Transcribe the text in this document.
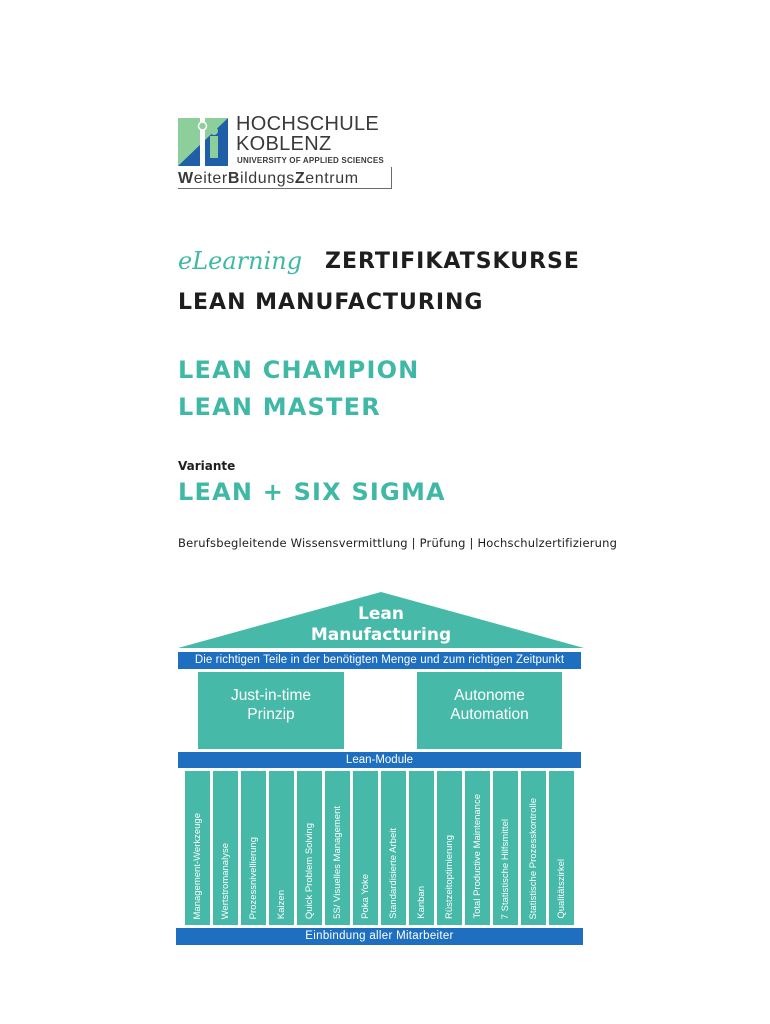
HOCHSCHULE
KOBLENZ
UNIVERSITY OF APPLIED SCIENCES
WeiterBildungsZentrum
eLearning ZERTIFIKATSKURSE
LEAN MANUFACTURING
LEAN CHAMPION
LEAN MASTER
Variante
LEAN + SIX SIGMA
Berufsbegleitende Wissensvermittlung | Prüfung | Hochschulzertifizierung
Lean
Manufacturing
Die richtigen Teile in der benötigten Menge und zum richtigen Zeitpunkt
Just-in-time
Prinzip
Autonome
Automation
Lean-Module
Management-Werkzeuge Wertstromanalyse Prozessnivellierung Kaizen Quick Problem Solving 5S/ Visuelles Management Poka Yoke Standardisierte Arbeit Kanban Rüstzeitoptimierung Total Productive Maintenance 7 Statistische Hilfsmittel Statistische Prozesskontrolle Qualitätszirkel
Einbindung aller Mitarbeiter
